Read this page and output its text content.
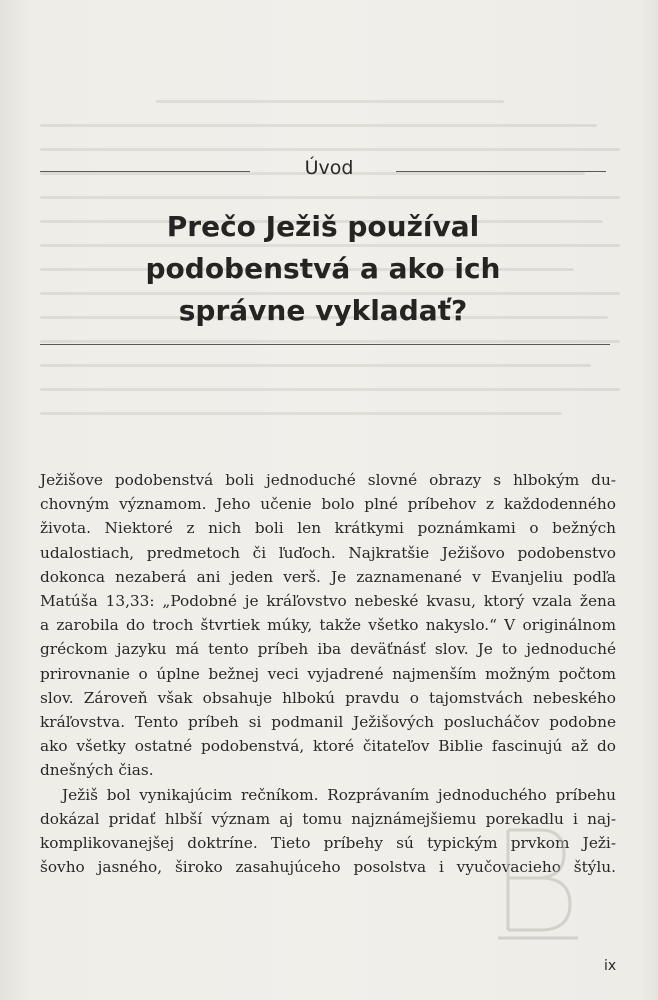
Úvod
Prečo Ježiš používal
podobenstvá a ako ich
správne vykladať?
Ježišove podobenstvá boli jednoduché slovné obrazy s hlbokým du-
chovným významom. Jeho učenie bolo plné príbehov z každodenného
života. Niektoré z nich boli len krátkymi poznámkami o bežných
udalostiach, predmetoch či ľuďoch. Najkratšie Ježišovo podobenstvo
dokonca nezaberá ani jeden verš. Je zaznamenané v Evanjeliu podľa
Matúša 13,33: „Podobné je kráľovstvo nebeské kvasu, ktorý vzala žena
a zarobila do troch štvrtiek múky, takže všetko nakyslo.“ V originálnom
gréckom jazyku má tento príbeh iba deväťnásť slov. Je to jednoduché
prirovnanie o úplne bežnej veci vyjadrené najmenším možným počtom
slov. Zároveň však obsahuje hlbokú pravdu o tajomstvách nebeského
kráľovstva. Tento príbeh si podmanil Ježišových poslucháčov podobne
ako všetky ostatné podobenstvá, ktoré čitateľov Biblie fascinujú až do
dnešných čias.
Ježiš bol vynikajúcim rečníkom. Rozprávaním jednoduchého príbehu
dokázal pridať hlbší význam aj tomu najznámejšiemu porekadlu i naj-
komplikovanejšej doktríne. Tieto príbehy sú typickým prvkom Ježi-
šovho jasného, široko zasahujúceho posolstva i vyučovacieho štýlu.
ix
